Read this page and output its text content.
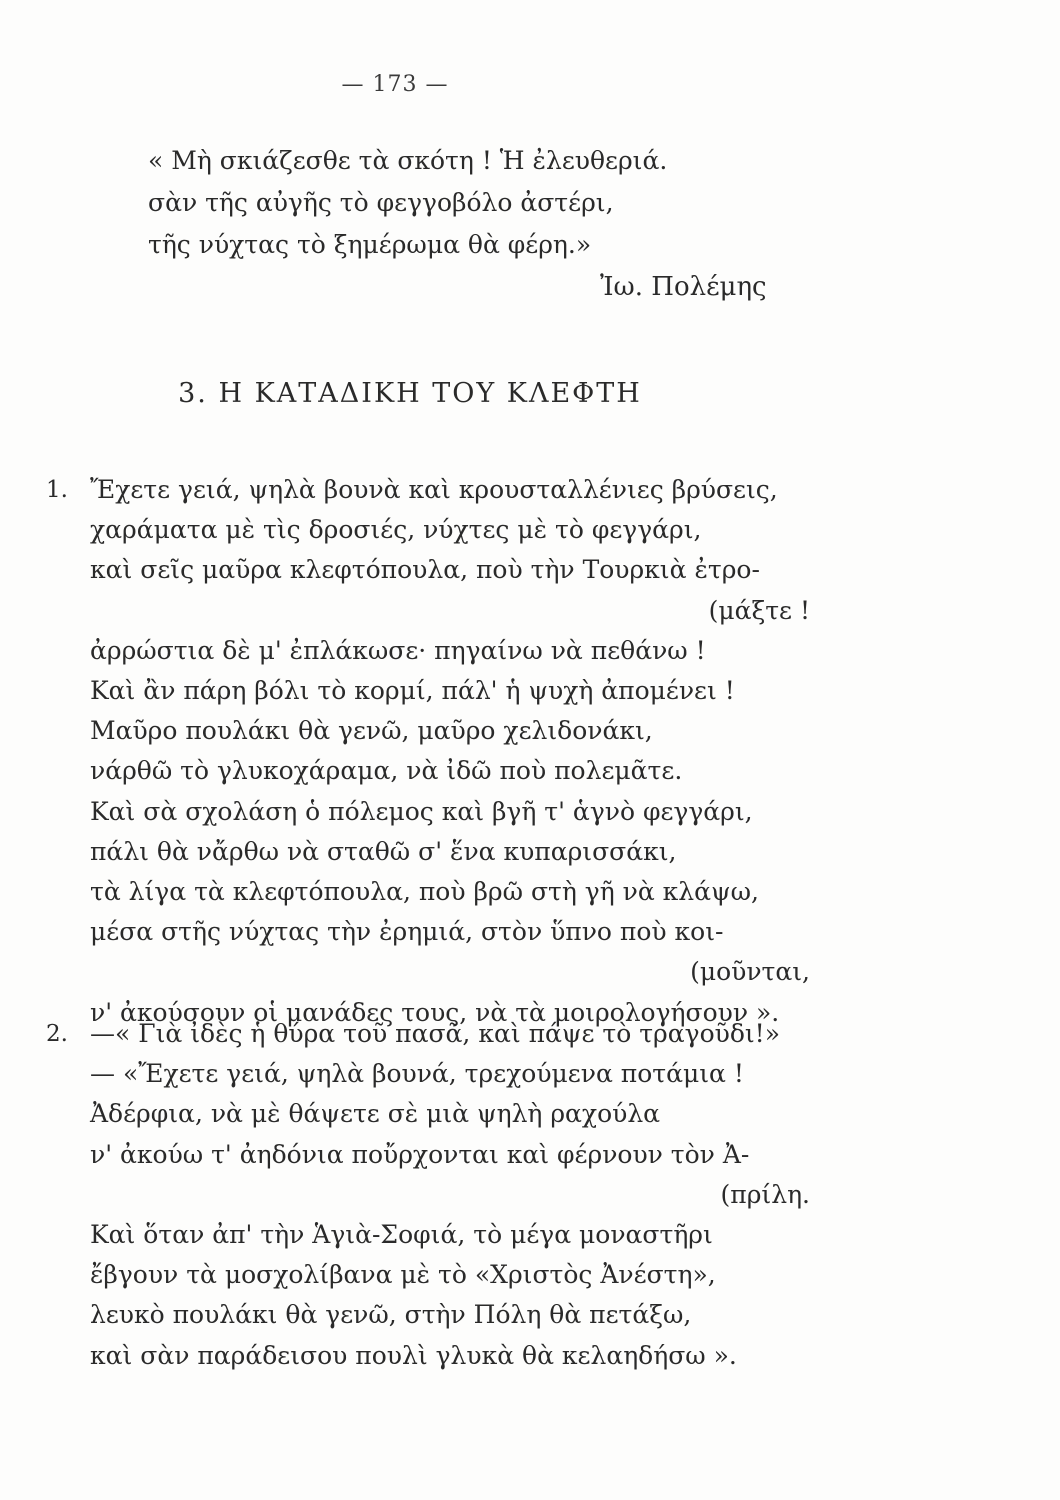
— 173 —
« Μὴ σκιάζεσθε τὰ σκότη ! Ἡ ἐλευθεριά.
σὰν τῆς αὐγῆς τὸ φεγγοβόλο ἀστέρι,
τῆς νύχτας τὸ ξημέρωμα θὰ φέρη.»
Ἰω. Πολέμης
3. Η ΚΑΤΑΔΙΚΗ ΤΟΥ ΚΛΕΦΤΗ
1. Ἔχετε γειά, ψηλὰ βουνὰ καὶ κρουσταλλένιες βρύσεις,
χαράματα μὲ τὶς δροσιές, νύχτες μὲ τὸ φεγγάρι,
καὶ σεῖς μαῦρα κλεφτόπουλα, ποὺ τὴν Τουρκιὰ ἐτρο-
(μάξτε !
ἀρρώστια δὲ μ' ἐπλάκωσε· πηγαίνω νὰ πεθάνω !
Καὶ ἂν πάρη βόλι τὸ κορμί, πάλ' ἡ ψυχὴ ἀπομένει !
Μαῦρο πουλάκι θὰ γενῶ, μαῦρο χελιδονάκι,
νάρθῶ τὸ γλυκοχάραμα, νὰ ἰδῶ ποὺ πολεμᾶτε.
Καὶ σὰ σχολάση ὁ πόλεμος καὶ βγῆ τ' ἁγνὸ φεγγάρι,
πάλι θὰ νἄρθω νὰ σταθῶ σ' ἕνα κυπαρισσάκι,
τὰ λίγα τὰ κλεφτόπουλα, ποὺ βρῶ στὴ γῆ νὰ κλάψω,
μέσα στῆς νύχτας τὴν ἐρημιά, στὸν ὕπνο ποὺ κοι-
(μοῦνται,
ν' ἀκούσουν οἱ μανάδες τους, νὰ τὰ μοιρολογήσουν ».
2. —« Γιὰ ἰδὲς ἡ θύρα τοῦ πασᾶ, καὶ πάψε τὸ τραγοῦδι!»
— «Ἔχετε γειά, ψηλὰ βουνά, τρεχούμενα ποτάμια !
Ἀδέρφια, νὰ μὲ θάψετε σὲ μιὰ ψηλὴ ραχούλα
ν' ἀκούω τ' ἀηδόνια ποὔρχονται καὶ φέρνουν τὸν Ἀ-
(πρίλη.
Καὶ ὅταν ἀπ' τὴν Ἁγιὰ-Σοφιά, τὸ μέγα μοναστῆρι
ἔβγουν τὰ μοσχολίβανα μὲ τὸ «Χριστὸς Ἀνέστη»,
λευκὸ πουλάκι θὰ γενῶ, στὴν Πόλη θὰ πετάξω,
καὶ σὰν παράδεισου πουλὶ γλυκὰ θὰ κελαηδήσω ».
